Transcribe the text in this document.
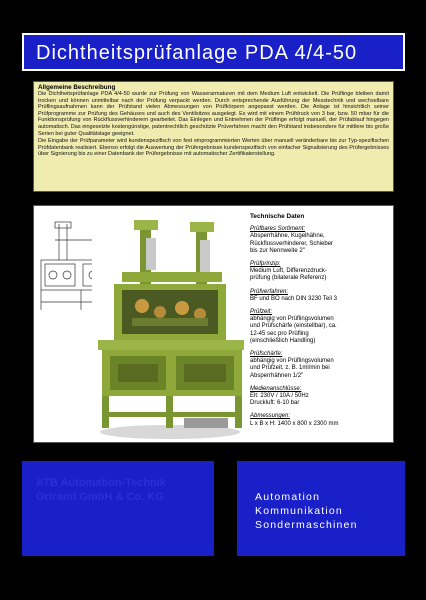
Dichtheitsprüfanlage PDA 4/4-50
Allgemeine Beschreibung

Die Dichtheitsprüfanlage PDA 4/4-50 wurde zur Prüfung von Wasserarmaturen mit dem Medium Luft entwickelt. Die Prüflinge bleiben damit trocken und können unmittelbar nach der Prüfung verpackt werden. Durch entsprechende Ausführung der Messtechnik und wechselbare Prüflingsaufnahmen kann der Prüfstand vielen Abmessungen von Prüfkörpern angepasst werden. Die Anlage ist hinsichtlich seiner Prüfprogramme zur Prüfung des Gehäuses und auch des Ventilsitzes ausgelegt. Es wird mit einem Prüfdruck von 3 bar, bzw. 50 mbar für die Funktionsprüfung von Rückflussverhinderern gearbeitet. Das Einlegen und Entnehmen der Prüflinge erfolgt manuell, der Prüfablauf hingegen automatisch. Das eingesetzte kostengünstige, patentrechtlich geschützte Prüverfahren macht den Prüfstand insbesondere für mittlere bis große Serien bei guter Qualitätslage geeignet.

Die Eingabe der Prüfparameter wird kundenspezifisch von fest einprogrammierten Werten über manuell veränderbare bis zur Typ-spezifischen Prüfdatenbank realisiert. Ebenso erfolgt die Auswertung der Prüfergebnisse kundenspezifisch von einfacher Signalisierung des Prüfergebnisses über Signierung bis zu einer Datenbank der Prüfergebnisse mit automatischer Zertifikaterstellung.

Technische Daten
Prüfbares Sortiment:
Absperrhähne, Kugelhähne,
Rückflussverhinderer, Schieber
bis zur Nennweite 2"
Prüfprinzip:
Medium Luft, Differenzdruck-
prüfung (bilaterale Referenz)
Prüfverfahren:
BF und BO nach DIN 3230 Teil 3
Prüfzeit:
abhängig von Prüflingsvolumen
und Prüfschärfe (einstellbar), ca.
12-45 sec pro Prüfling
(einschließlich Handling)
Prüfschärfe:
abhängig von Prüflingsvolumen
und Prüfzeit, z. B. 1ml/min bei
Absperrhähnen 1/2"
Medienanschlüsse:
Elt: 230V / 10A / 50Hz
Druckluft: 6-10 bar
Abmessungen:
L x B x H: 1400 x 800 x 2300 mm
ATB Automation-Technik
Ortrand GmbH & Co. KG	Automation
Kommunikation
Sondermaschinen
